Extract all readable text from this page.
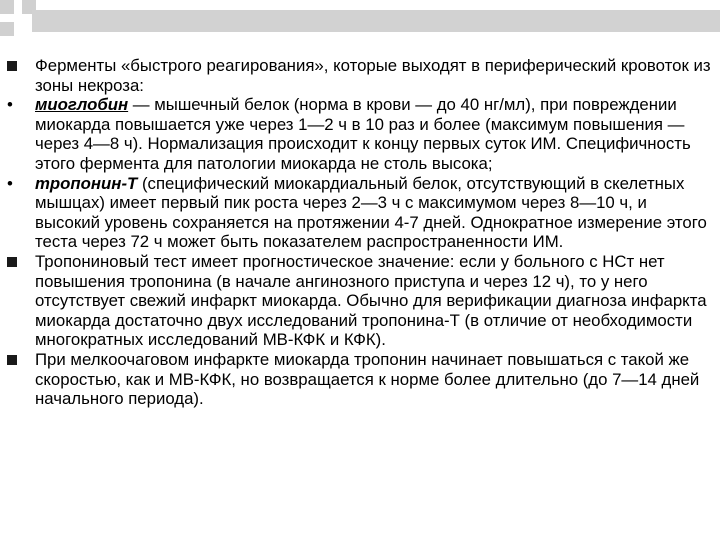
Ферменты «быстрого реагирования», которые выходят в периферический кровоток из зоны некроза:

•	миоглобин — мышечный белок (норма в крови — до 40 нг/мл), при повреждении миокарда повышается уже через 1—2 ч в 10 раз и более (максимум повышения — через 4—8 ч). Нормализация происходит к концу первых суток ИМ. Специфичность этого фермента для патологии миокарда не столь высока;

•	тропонин-Т (специфический миокардиальный белок, отсутствующий в скелетных мышцах) имеет первый пик роста через 2—3 ч с максимумом через 8—10 ч, и высокий уровень сохраняется на протяжении 4-7 дней. Однократное измерение этого теста через 72 ч может быть показателем распространенности ИМ.

Тропониновый тест имеет прогностическое значение: если у больного с НСт нет повышения тропонина (в начале ангинозного приступа и через 12 ч), то у него отсутствует свежий инфаркт миокарда. Обычно для верификации диагноза инфаркта миокарда достаточно двух исследований тропонина-Т (в отличие от необходимости многократных исследований МВ-КФК и КФК).

При мелкоочаговом инфаркте миокарда тропонин начинает повышаться с такой же скоростью, как и МВ-КФК, но возвращается к норме более длительно (до 7—14 дней начального периода).
